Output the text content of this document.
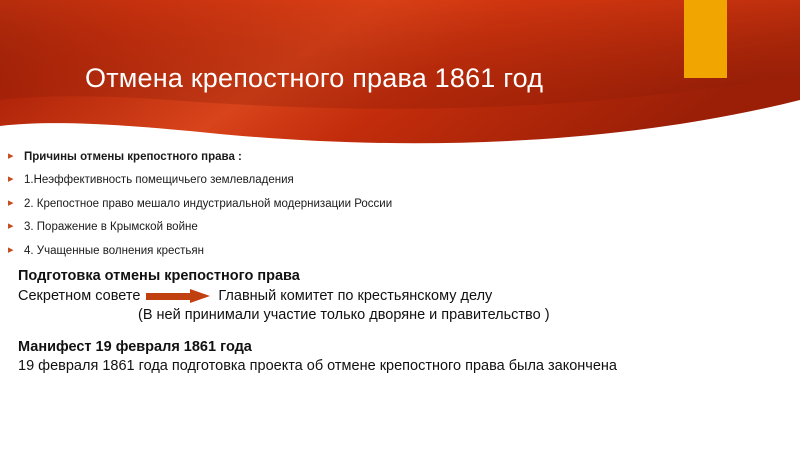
Отмена крепостного права 1861 год
▸ Причины отмены крепостного права :
▸ 1.Неэффективность помещичьего землевладения
▸ 2. Крепостное право мешало индустриальной модернизации России
▸ 3. Поражение в Крымской войне
▸ 4. Учащенные волнения крестьян
Подготовка отмены крепостного права
Секретном совете	Главный комитет по крестьянскому делу
(В ней принимали участие только дворяне и правительство )
Манифест 19 февраля 1861 года
19 февраля 1861 года подготовка проекта об отмене крепостного права была закончена
